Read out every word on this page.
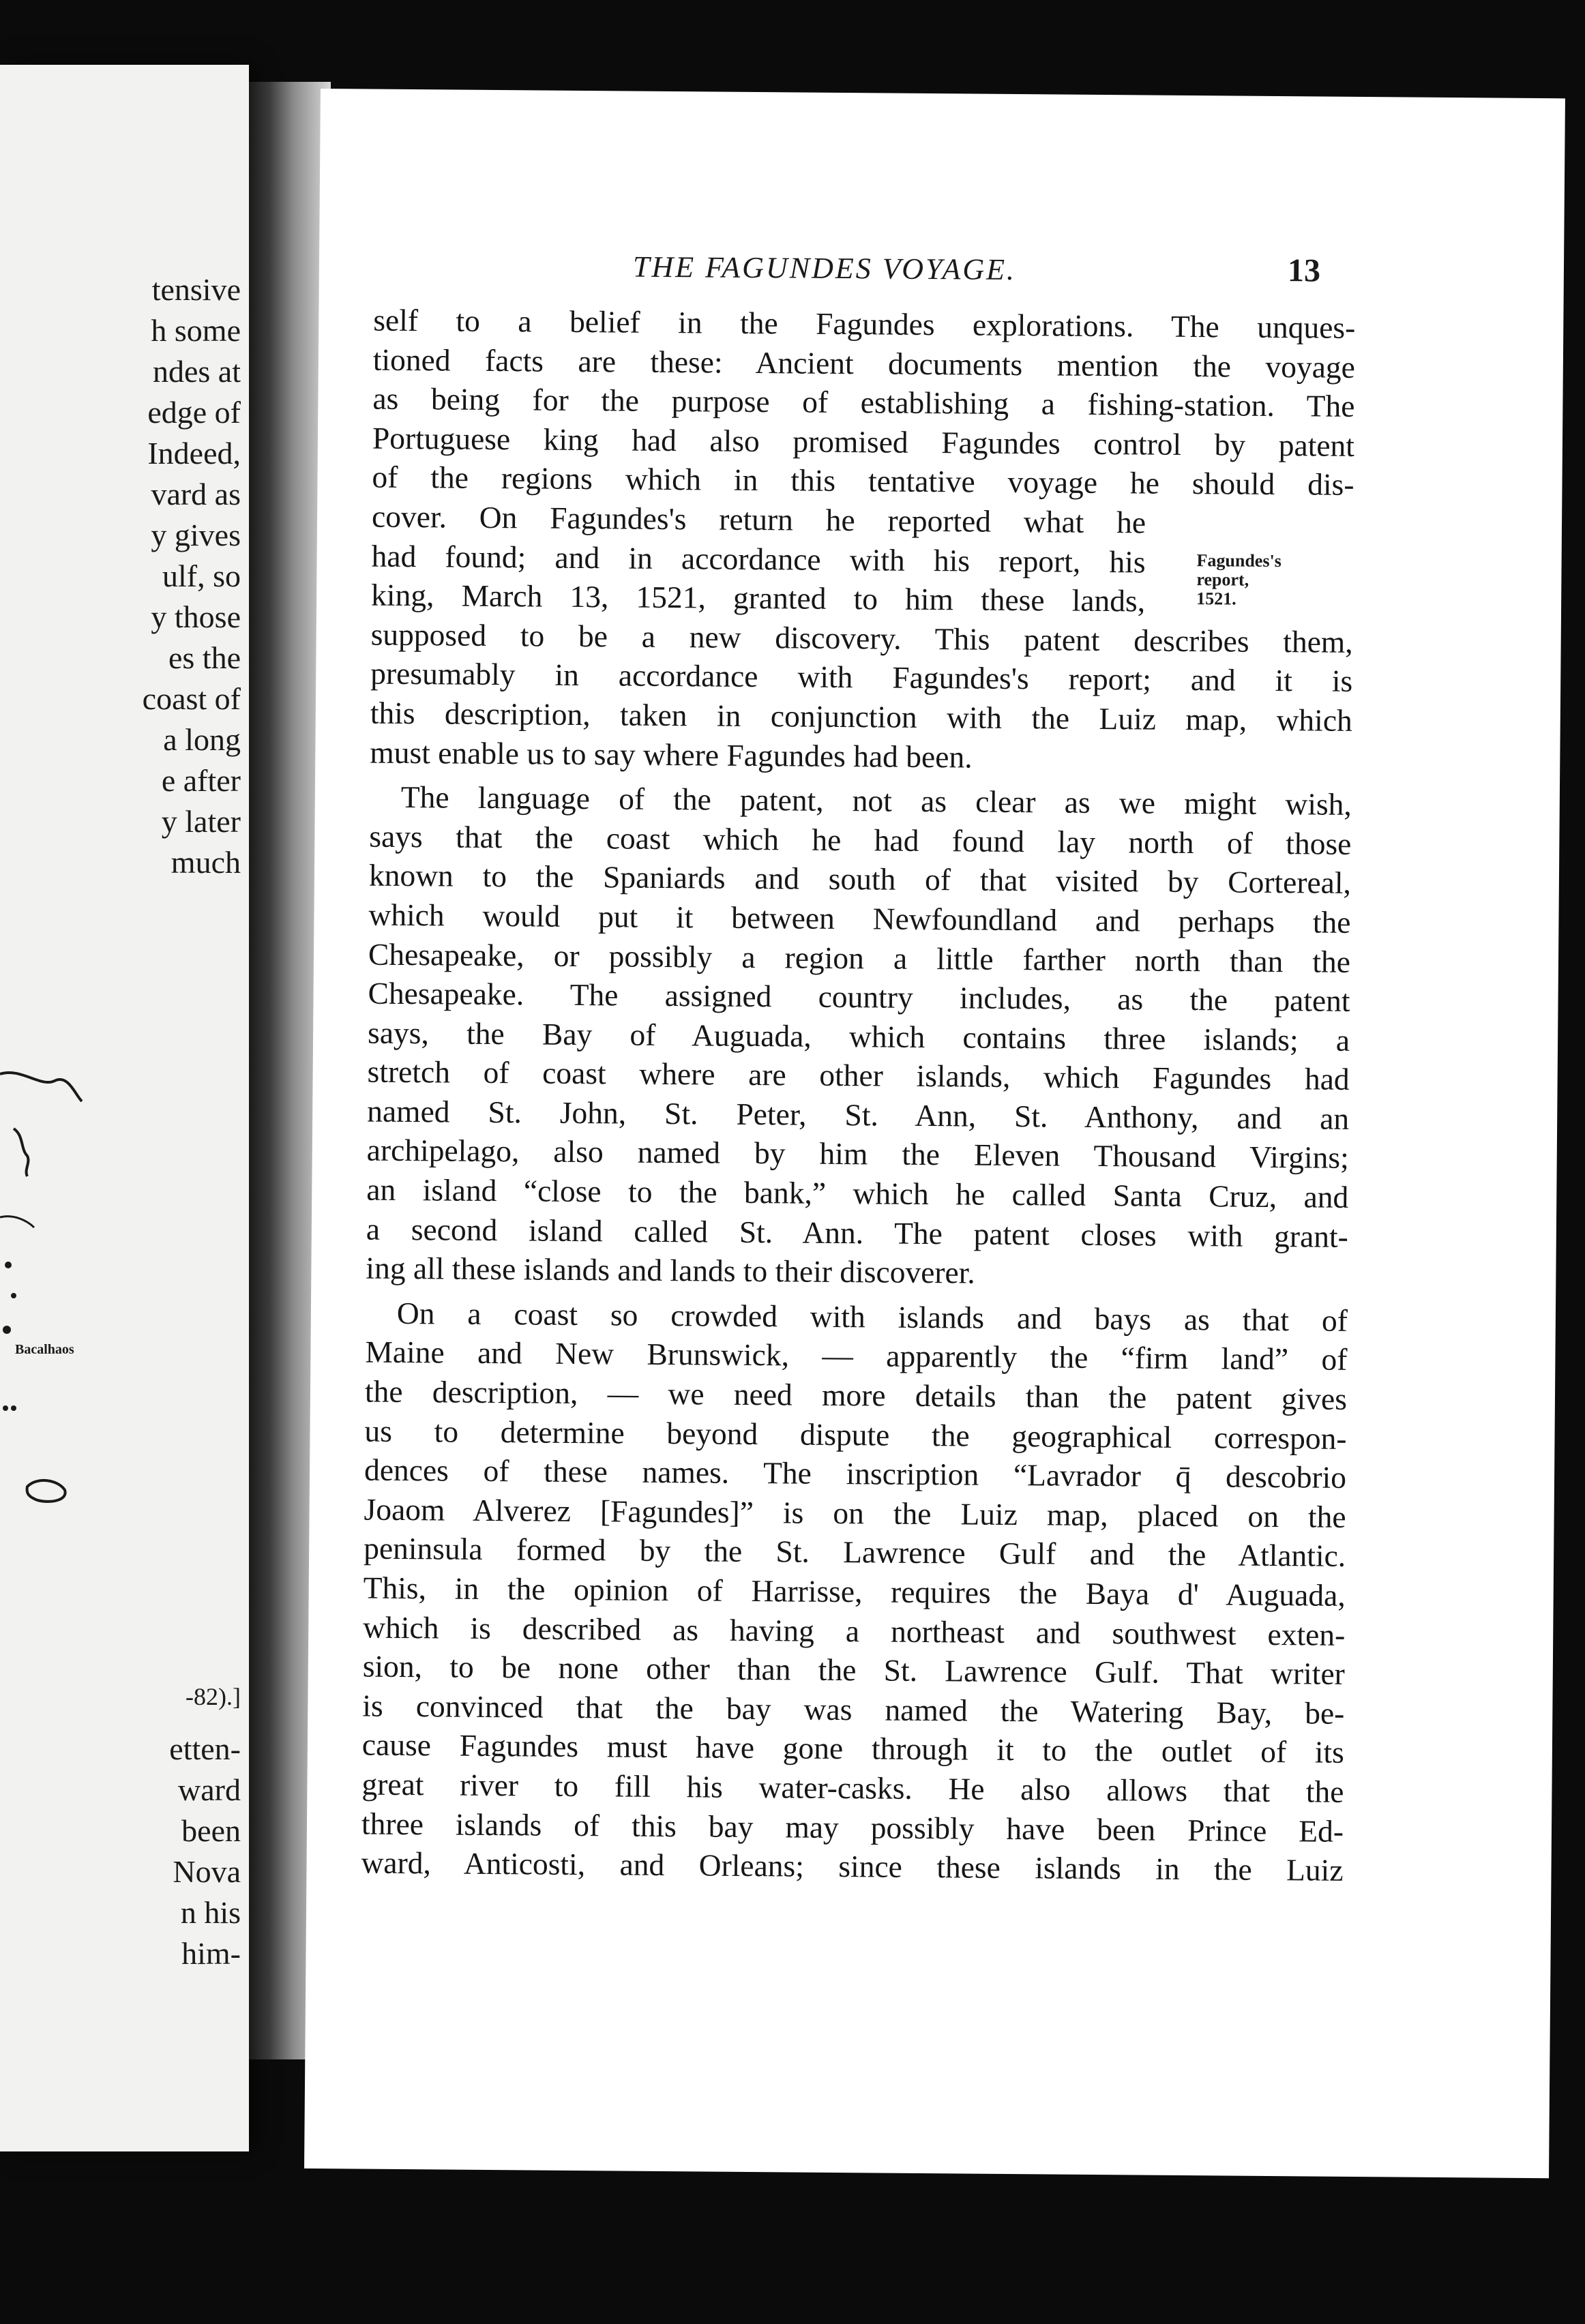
tensive
h some
ndes at
edge of
Indeed,
vard as
y gives
ulf, so
y those
es the
coast of
a long
e after
y later
much
Bacalhaos
-82).]
etten-
ward
been
Nova
n his
him-
THE FAGUNDES VOYAGE.	13
Fagundes's
report,
1521.
self to a belief in the Fagundes explorations. The unques-
tioned facts are these: Ancient documents mention the voyage
as being for the purpose of establishing a fishing-station. The
Portuguese king had also promised Fagundes control by patent
of the regions which in this tentative voyage he should dis-
cover. On Fagundes's return he reported what he
had found; and in accordance with his report, his
king, March 13, 1521, granted to him these lands,
supposed to be a new discovery. This patent describes them,
presumably in accordance with Fagundes's report; and it is
this description, taken in conjunction with the Luiz map, which
must enable us to say where Fagundes had been.
The language of the patent, not as clear as we might wish,
says that the coast which he had found lay north of those
known to the Spaniards and south of that visited by Cortereal,
which would put it between Newfoundland and perhaps the
Chesapeake, or possibly a region a little farther north than the
Chesapeake. The assigned country includes, as the patent
says, the Bay of Auguada, which contains three islands; a
stretch of coast where are other islands, which Fagundes had
named St. John, St. Peter, St. Ann, St. Anthony, and an
archipelago, also named by him the Eleven Thousand Virgins;
an island “close to the bank,” which he called Santa Cruz, and
a second island called St. Ann. The patent closes with grant-
ing all these islands and lands to their discoverer.
On a coast so crowded with islands and bays as that of
Maine and New Brunswick, — apparently the “firm land” of
the description, — we need more details than the patent gives
us to determine beyond dispute the geographical correspon-
dences of these names. The inscription “Lavrador q̄ descobrio
Joaom Alverez [Fagundes]” is on the Luiz map, placed on the
peninsula formed by the St. Lawrence Gulf and the Atlantic.
This, in the opinion of Harrisse, requires the Baya d' Auguada,
which is described as having a northeast and southwest exten-
sion, to be none other than the St. Lawrence Gulf. That writer
is convinced that the bay was named the Watering Bay, be-
cause Fagundes must have gone through it to the outlet of its
great river to fill his water-casks. He also allows that the
three islands of this bay may possibly have been Prince Ed-
ward, Anticosti, and Orleans; since these islands in the Luiz
